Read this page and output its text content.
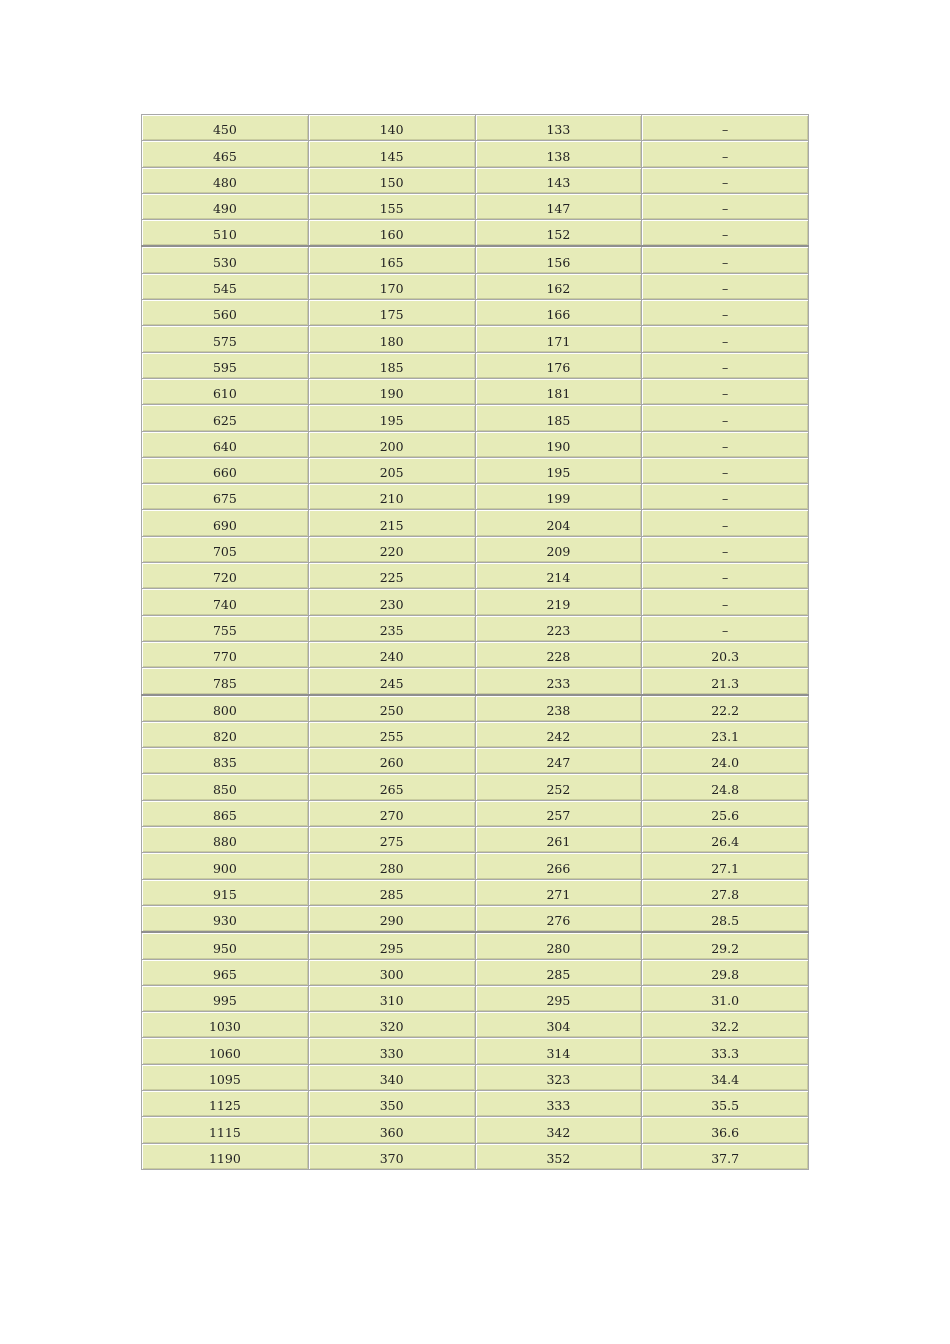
450	140	133	–
465	145	138	–
480	150	143	–
490	155	147	–
510	160	152	–
530	165	156	–
545	170	162	–
560	175	166	–
575	180	171	–
595	185	176	–
610	190	181	–
625	195	185	–
640	200	190	–
660	205	195	–
675	210	199	–
690	215	204	–
705	220	209	–
720	225	214	–
740	230	219	–
755	235	223	–
770	240	228	20.3
785	245	233	21.3
800	250	238	22.2
820	255	242	23.1
835	260	247	24.0
850	265	252	24.8
865	270	257	25.6
880	275	261	26.4
900	280	266	27.1
915	285	271	27.8
930	290	276	28.5
950	295	280	29.2
965	300	285	29.8
995	310	295	31.0
1030	320	304	32.2
1060	330	314	33.3
1095	340	323	34.4
1125	350	333	35.5
1115	360	342	36.6
1190	370	352	37.7
